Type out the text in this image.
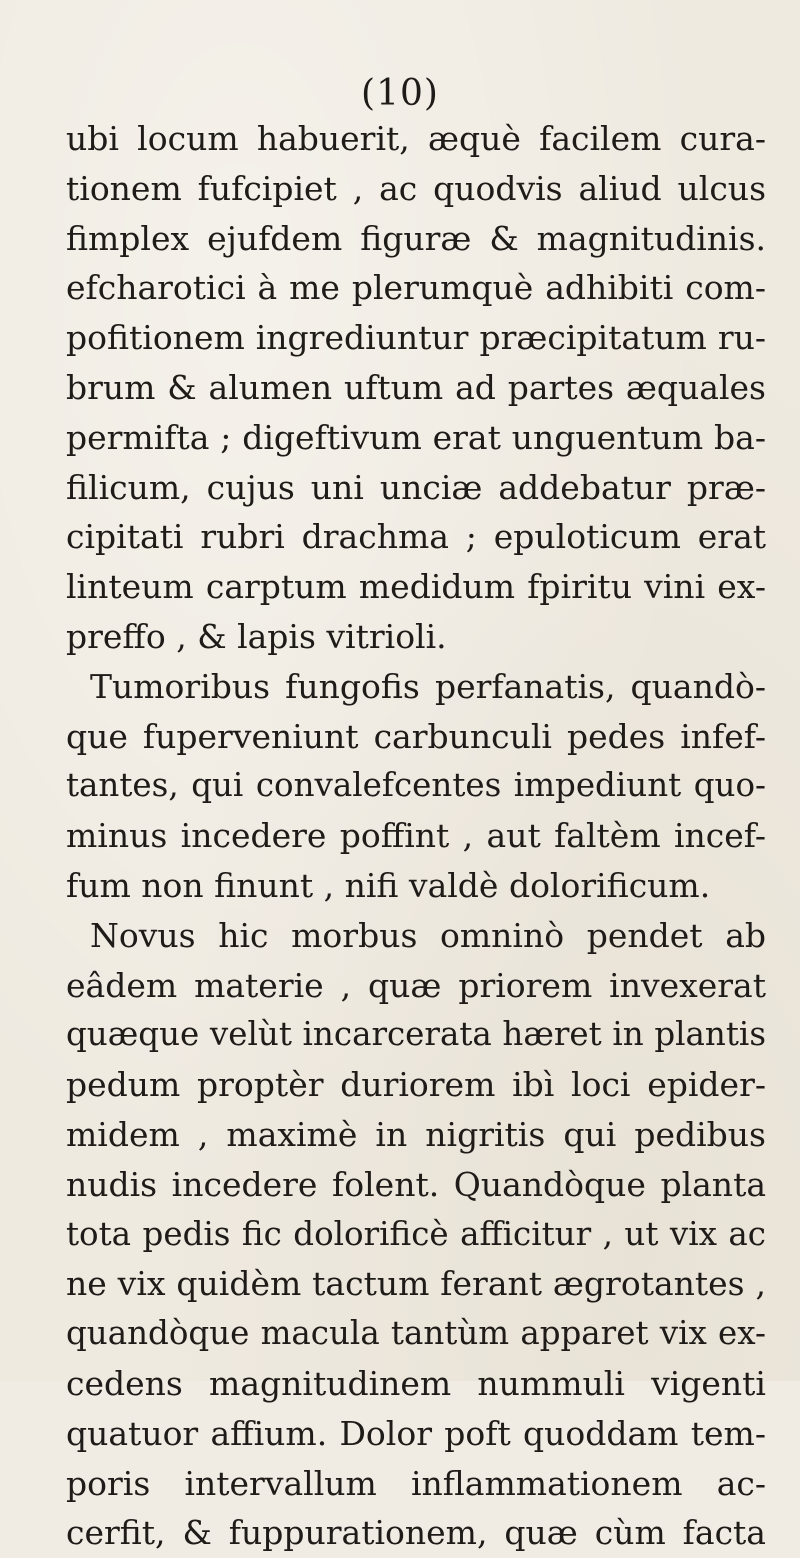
(10)
ubi locum habuerit, æquè facilem cura-
tionem fufcipiet , ac quodvis aliud ulcus
fimplex ejufdem figuræ & magnitudinis.
efcharotici à me plerumquè adhibiti com-
pofitionem ingrediuntur præcipitatum ru-
brum & alumen uftum ad partes æquales
permifta ; digeftivum erat unguentum ba-
filicum, cujus uni unciæ addebatur præ-
cipitati rubri drachma ; epuloticum erat
linteum carptum medidum fpiritu vini ex-
preffo , & lapis vitrioli.
Tumoribus fungofis perfanatis, quandò-
que fuperveniunt carbunculi pedes infef-
tantes, qui convalefcentes impediunt quo-
minus incedere poffint , aut faltèm incef-
fum non finunt , nifi valdè dolorificum.
Novus hic morbus omninò pendet ab
eâdem materie , quæ priorem invexerat
quæque velùt incarcerata hæret in plantis
pedum proptèr duriorem ibì loci epider-
midem , maximè in nigritis qui pedibus
nudis incedere folent. Quandòque planta
tota pedis fic dolorificè afficitur , ut vix ac
ne vix quidèm tactum ferant ægrotantes ,
quandòque macula tantùm apparet vix ex-
cedens magnitudinem nummuli vigenti
quatuor affium. Dolor poft quoddam tem-
poris intervallum inflammationem ac-
cerfit, & fuppurationem, quæ cùm facta
